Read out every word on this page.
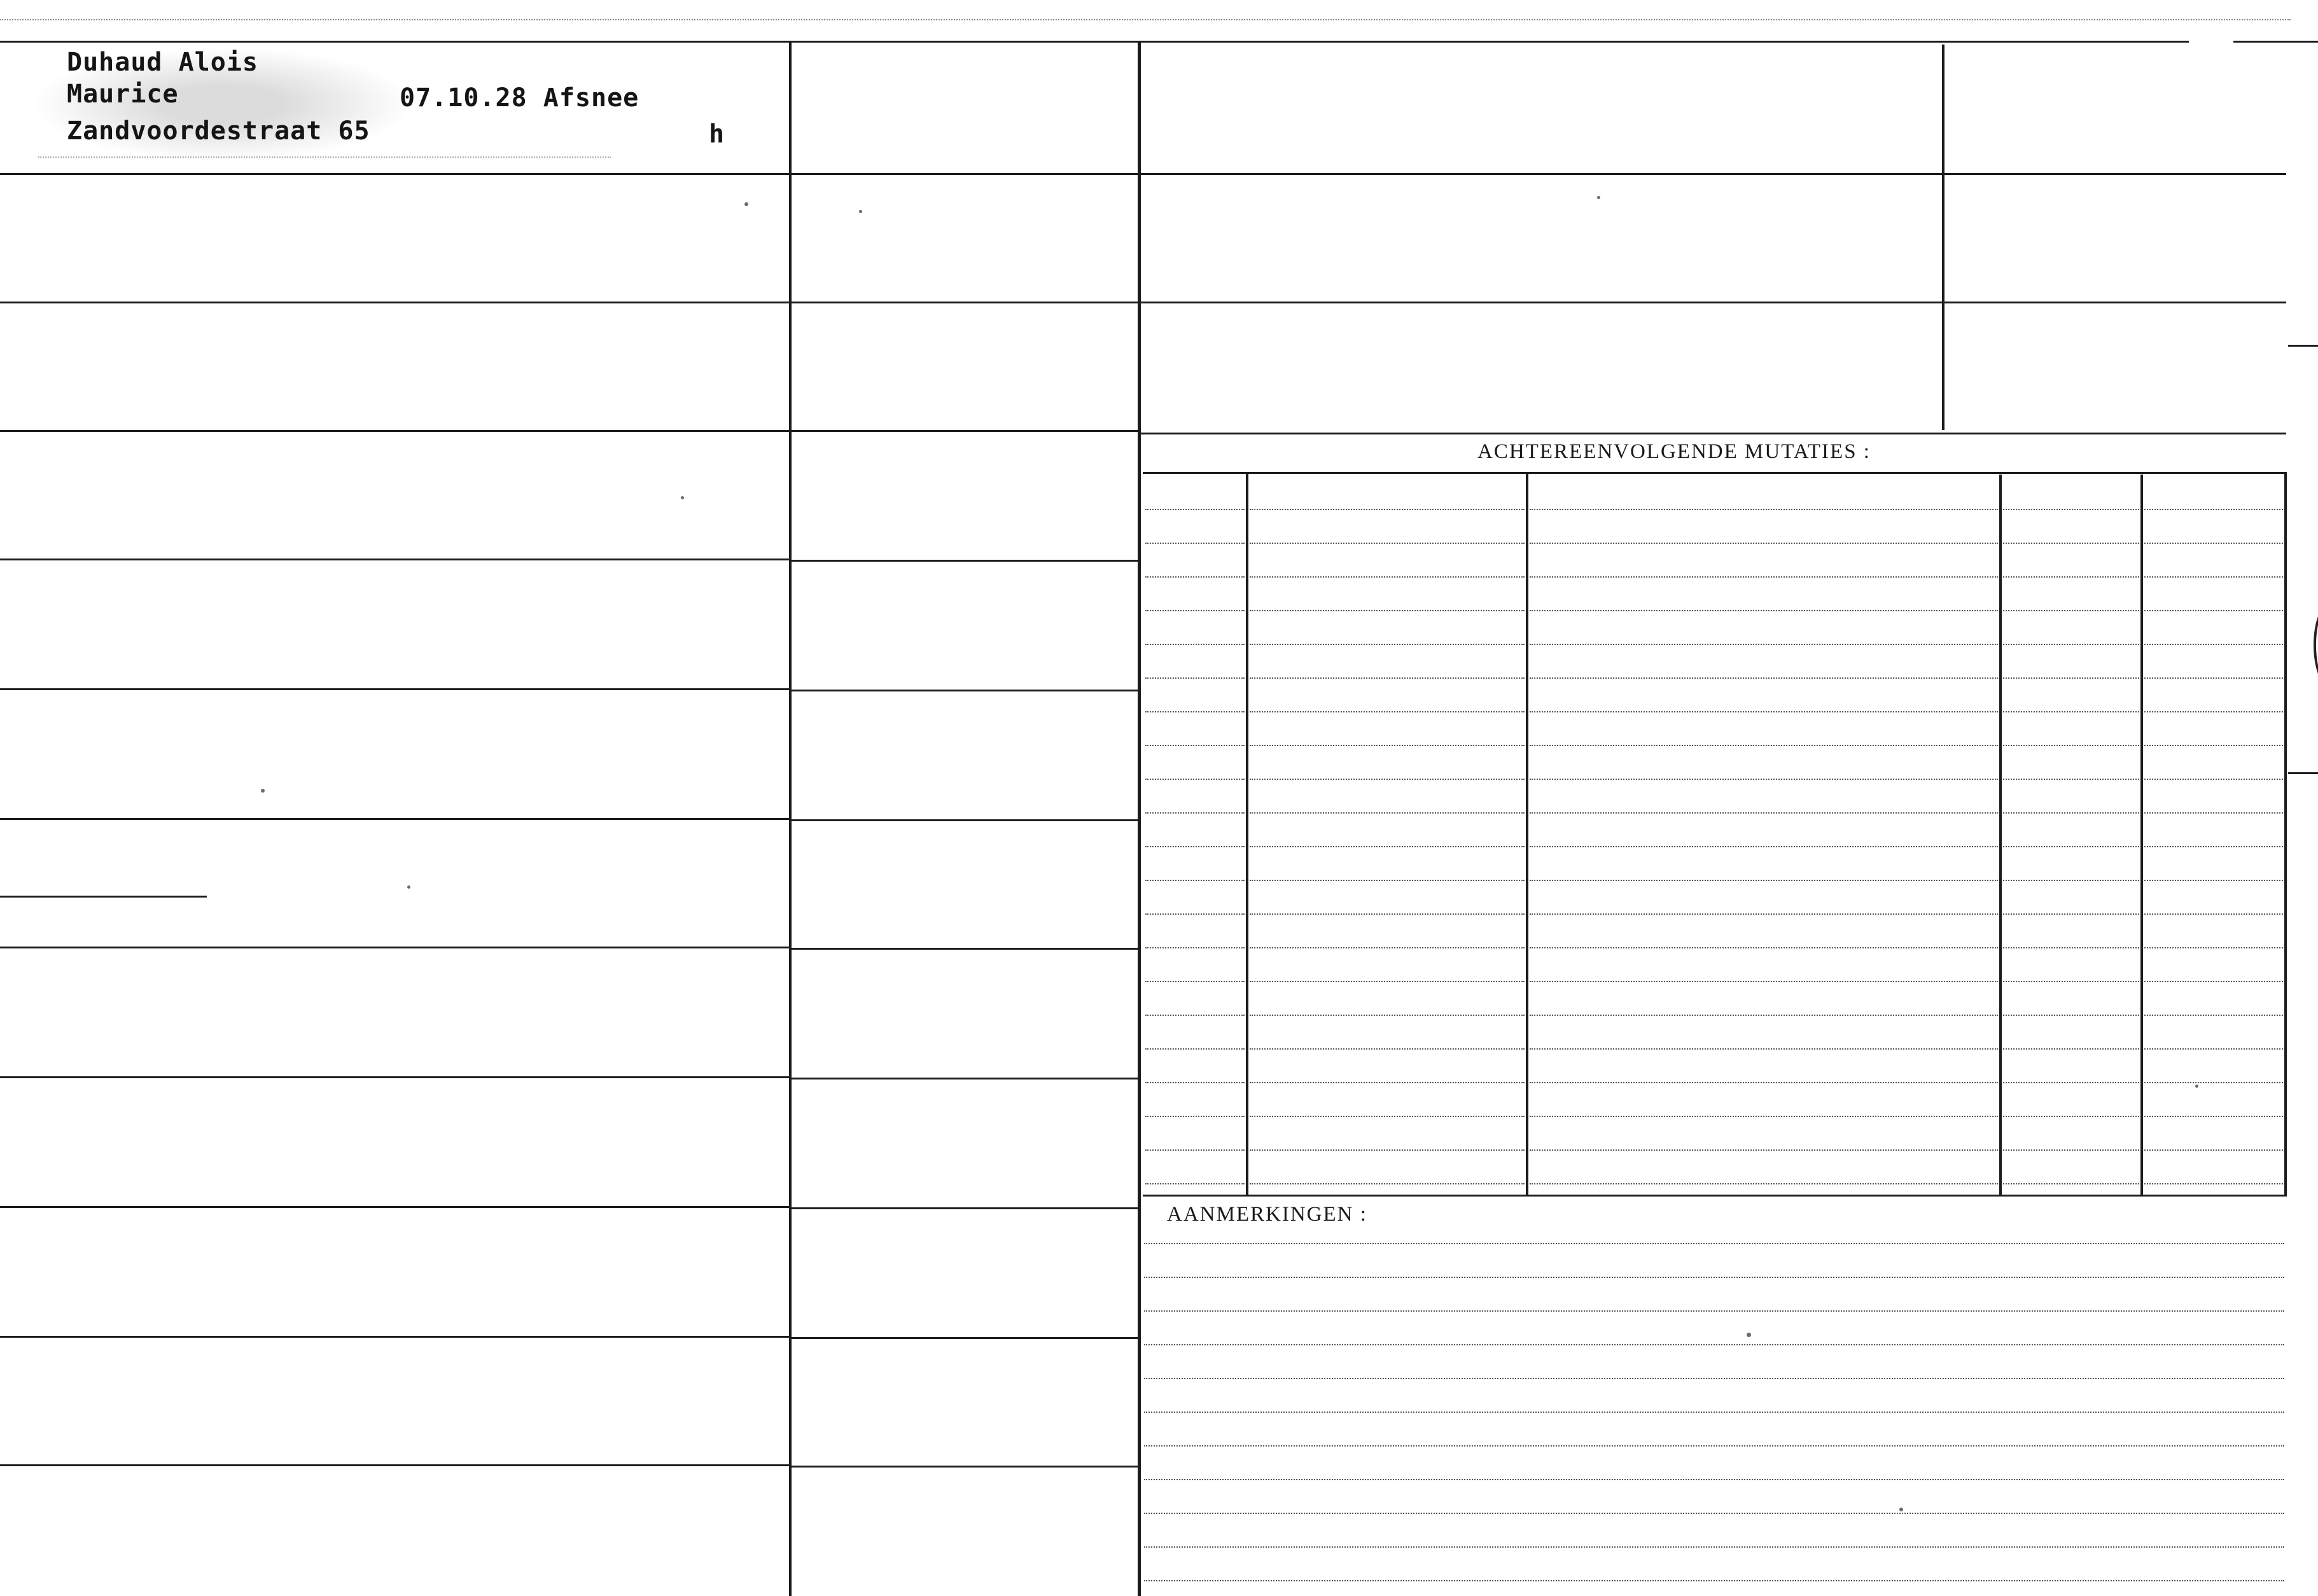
ACHTEREENVOLGENDE MUTATIES :
AANMERKINGEN :
Duhaud Alois
Maurice	07.10.28 Afsnee
Zandvoordestraat 65	h
